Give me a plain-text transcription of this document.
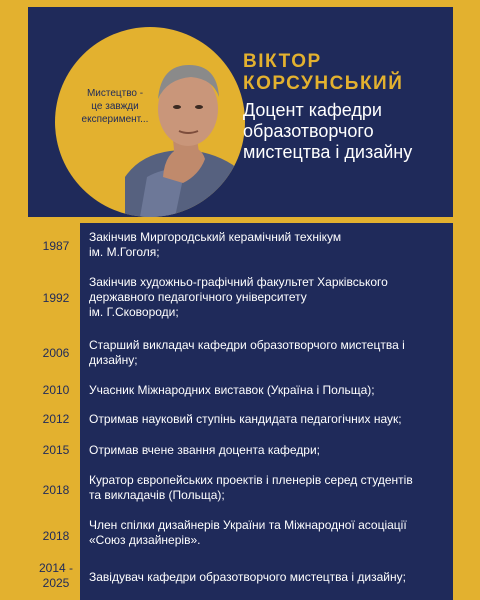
Мистецтво -
це завжди
експеримент...
ВІКТОР
КОРСУНСЬКИЙ
Доцент кафедри
образотворчого
мистецтва і дизайну
1987
Закінчив Миргородський керамічний технікум
ім. М.Гоголя;
1992
Закінчив художньо-графічний факультет Харківського
державного педагогічного університету
ім. Г.Сковороди;
2006
Старший викладач кафедри образотворчого мистецтва і
дизайну;
2010	Учасник Міжнародних виставок (Україна і Польща);
2012	Отримав науковий ступінь кандидата педагогічних наук;
2015	Отримав вчене звання доцента кафедри;
2018
Куратор європейських проектів і пленерів серед студентів
та викладачів (Польща);
2018
Член спілки дизайнерів України та Міжнародної асоціації
«Союз дизайнерів».
2014 -
2025	Завідувач кафедри образотворчого мистецтва і дизайну;
